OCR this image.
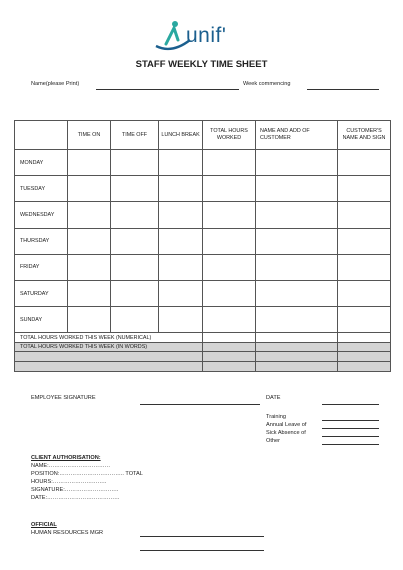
unif'
STAFF WEEKLY TIME SHEET
Name(please Print)	Week commencing
	TIME ON	TIME OFF	LUNCH BREAK	TOTAL HOURS WORKED	NAME AND ADD OF CUSTOMER	CUSTOMER'S NAME AND SIGN
MONDAY						
TUESDAY						
WEDNESDAY						
THURSDAY						
FRIDAY						
SATURDAY						
SUNDAY						
TOTAL HOURS WORKED THIS WEEK (NUMERICAL)						
TOTAL HOURS WORKED THIS WEEK (IN WORDS)						

EMPLOYEE SIGNATURE	DATE
Training
Annual Leave of
Sick Absence of
Other
CLIENT AUTHORISATION:
NAME:……………………………
POSITION:…………………………….. TOTAL
HOURS:………………………..
SIGNATURE:………………………..
DATE:…………………………………
OFFICIAL
HUMAN RESOURCES MGR
